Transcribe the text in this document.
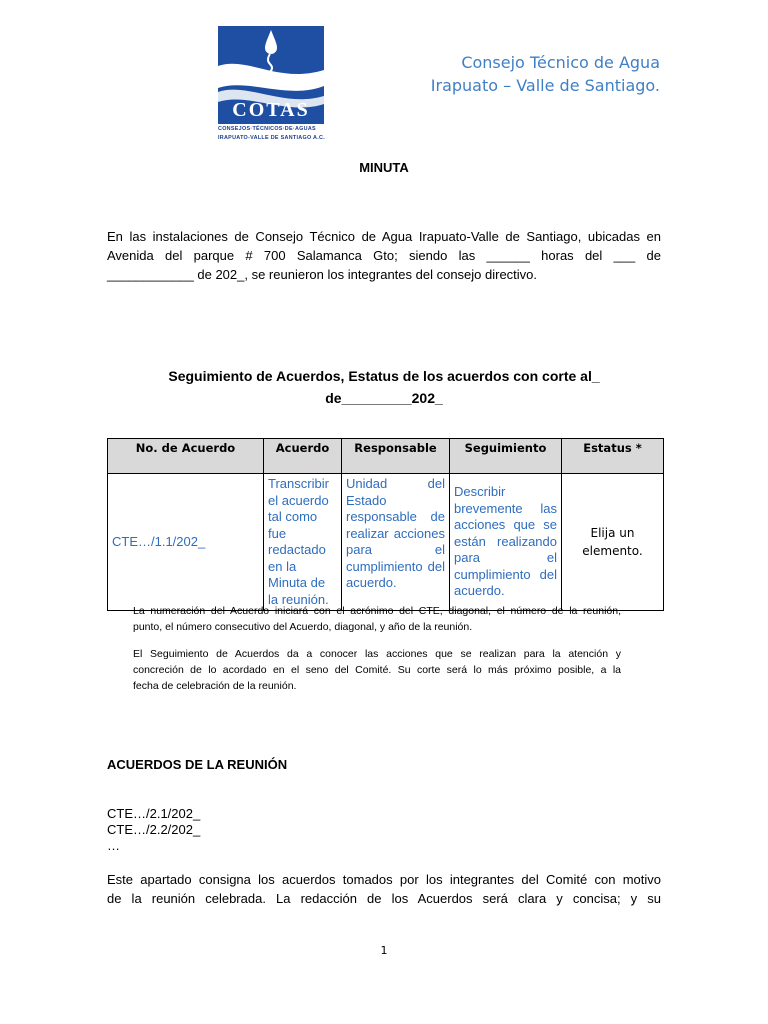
COTAS
CONSEJOS·TÉCNICOS·DE·AGUAS
IRAPUATO-VALLE DE SANTIAGO A.C.
Consejo Técnico de Agua
Irapuato – Valle de Santiago.
MINUTA
En las instalaciones de Consejo Técnico de Agua Irapuato-Valle de Santiago, ubicadas en
Avenida del parque # 700 Salamanca Gto; siendo las ______ horas del ___ de
____________ de 202_, se reunieron los integrantes del consejo directivo.
Seguimiento de Acuerdos, Estatus de los acuerdos con corte al_
de_________202_
No. de Acuerdo	Acuerdo	Responsable	Seguimiento	Estatus *
CTE…/1.1/202_	Transcribir el acuerdo tal como fue redactado en la Minuta de la reunión.	Unidad del Estado responsable de realizar acciones para el cumplimiento del acuerdo.	Describir brevemente las acciones que se están realizando para el cumplimiento del acuerdo.	Elija un elemento.
La numeración del Acuerdo iniciará con el acrónimo del CTE, diagonal, el número de la reunión,
punto, el número consecutivo del Acuerdo, diagonal, y año de la reunión.
El Seguimiento de Acuerdos da a conocer las acciones que se realizan para la atención y
concreción de lo acordado en el seno del Comité. Su corte será lo más próximo posible, a la
fecha de celebración de la reunión.
ACUERDOS DE LA REUNIÓN
CTE…/2.1/202_
CTE…/2.2/202_
…
Este apartado consigna los acuerdos tomados por los integrantes del Comité con motivo
de la reunión celebrada. La redacción de los Acuerdos será clara y concisa; y su
1
